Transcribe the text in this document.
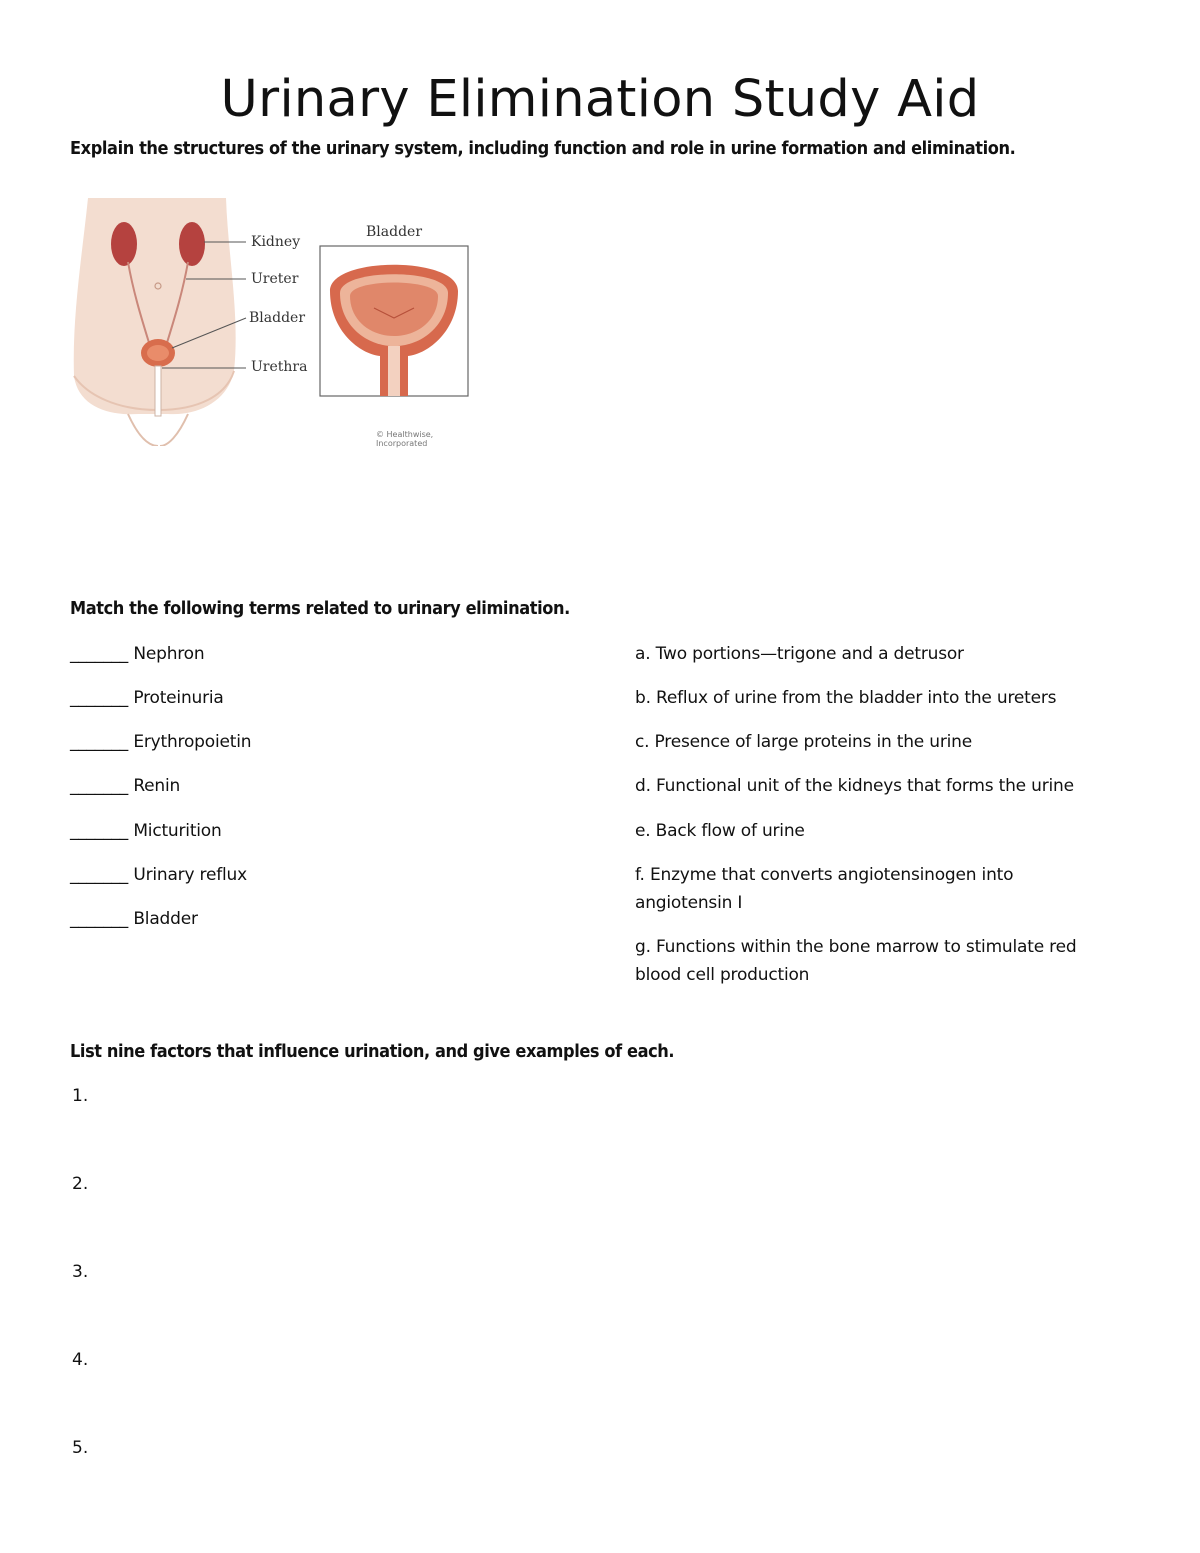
Urinary Elimination Study Aid
Explain the structures of the urinary system, including function and role in urine formation and elimination.
Kidney
Ureter
Bladder
Urethra
Bladder
© Healthwise, Incorporated
Match the following terms related to urinary elimination.
_______ Nephron
_______ Proteinuria
_______ Erythropoietin
_______ Renin
_______ Micturition
_______ Urinary reflux
_______ Bladder
a. Two portions—trigone and a detrusor
b. Reflux of urine from the bladder into the ureters
c. Presence of large proteins in the urine
d. Functional unit of the kidneys that forms the urine
e. Back flow of urine
f. Enzyme that converts angiotensinogen into angiotensin I
g. Functions within the bone marrow to stimulate red blood cell production
List nine factors that influence urination, and give examples of each.
1.
2.
3.
4.
5.
